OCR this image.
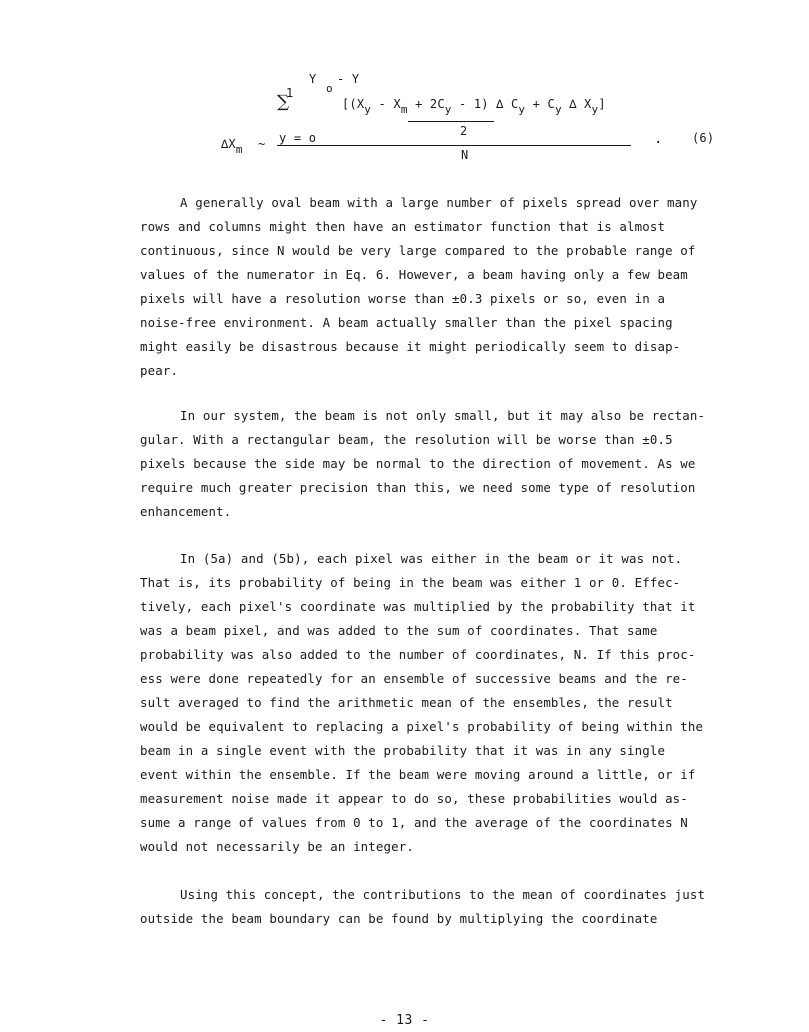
1
Y
o
- Y
∑	[(Xy - Xm + 2Cy - 1) ∆ Cy + Cy ∆ Xy]
2
∆Xm ~ y = o
N
. (6)

A generally oval beam with a large number of pixels spread over many
rows and columns might then have an estimator function that is almost
continuous, since N would be very large compared to the probable range of
values of the numerator in Eq. 6. However, a beam having only a few beam
pixels will have a resolution worse than ±0.3 pixels or so, even in a
noise-free environment. A beam actually smaller than the pixel spacing
might easily be disastrous because it might periodically seem to disap-
pear.

In our system, the beam is not only small, but it may also be rectan-
gular. With a rectangular beam, the resolution will be worse than ±0.5
pixels because the side may be normal to the direction of movement. As we
require much greater precision than this, we need some type of resolution
enhancement.

In (5a) and (5b), each pixel was either in the beam or it was not.
That is, its probability of being in the beam was either 1 or 0. Effec-
tively, each pixel's coordinate was multiplied by the probability that it
was a beam pixel, and was added to the sum of coordinates. That same
probability was also added to the number of coordinates, N. If this proc-
ess were done repeatedly for an ensemble of successive beams and the re-
sult averaged to find the arithmetic mean of the ensembles, the result
would be equivalent to replacing a pixel's probability of being within the
beam in a single event with the probability that it was in any single
event within the ensemble. If the beam were moving around a little, or if
measurement noise made it appear to do so, these probabilities would as-
sume a range of values from 0 to 1, and the average of the coordinates N
would not necessarily be an integer.

Using this concept, the contributions to the mean of coordinates just
outside the beam boundary can be found by multiplying the coordinate

- 13 -
